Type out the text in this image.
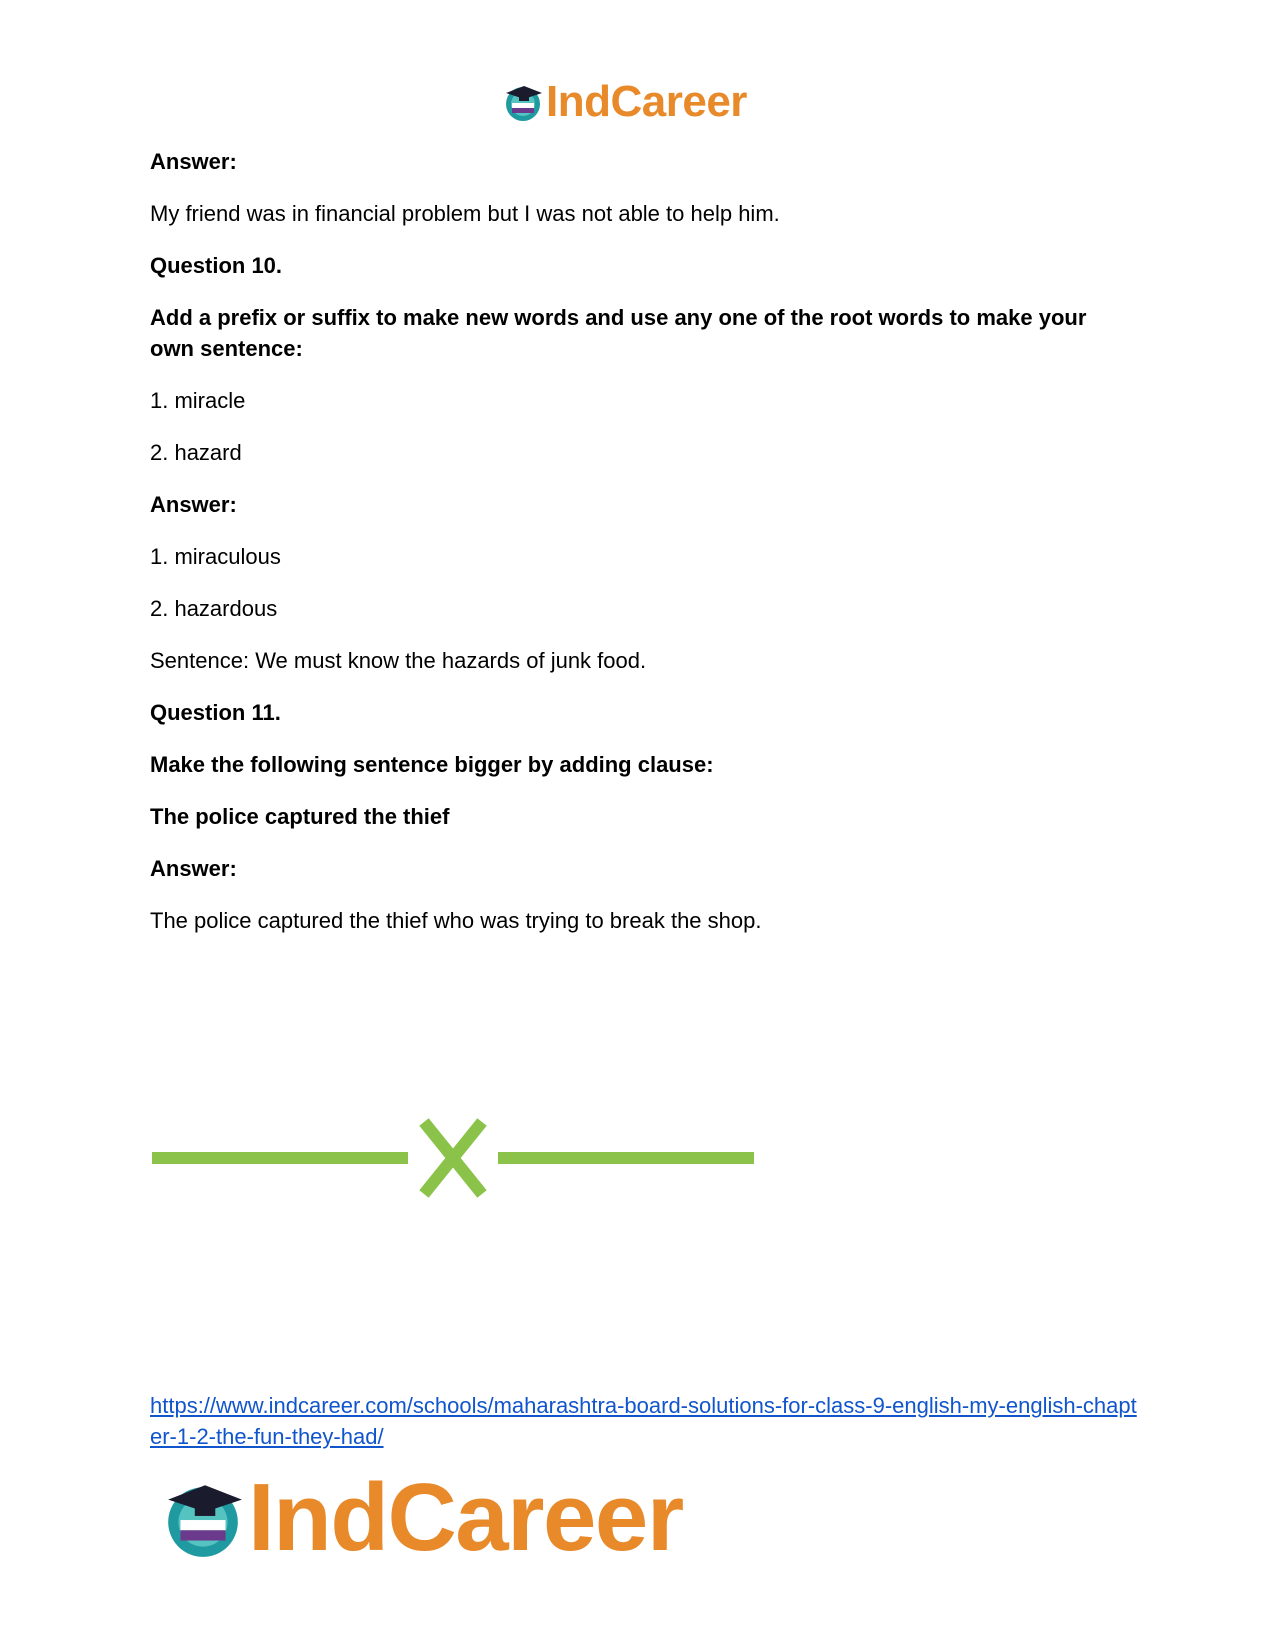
IndCareer

Answer:

My friend was in financial problem but I was not able to help him.

Question 10.

Add a prefix or suffix to make new words and use any one of the root words to make your own sentence:

1. miracle

2. hazard

Answer:

1. miraculous

2. hazardous

Sentence: We must know the hazards of junk food.

Question 11.

Make the following sentence bigger by adding clause:

The police captured the thief

Answer:

The police captured the thief who was trying to break the shop.

https://www.indcareer.com/schools/maharashtra-board-solutions-for-class-9-english-my-english-chapter-1-2-the-fun-they-had/
IndCareer
